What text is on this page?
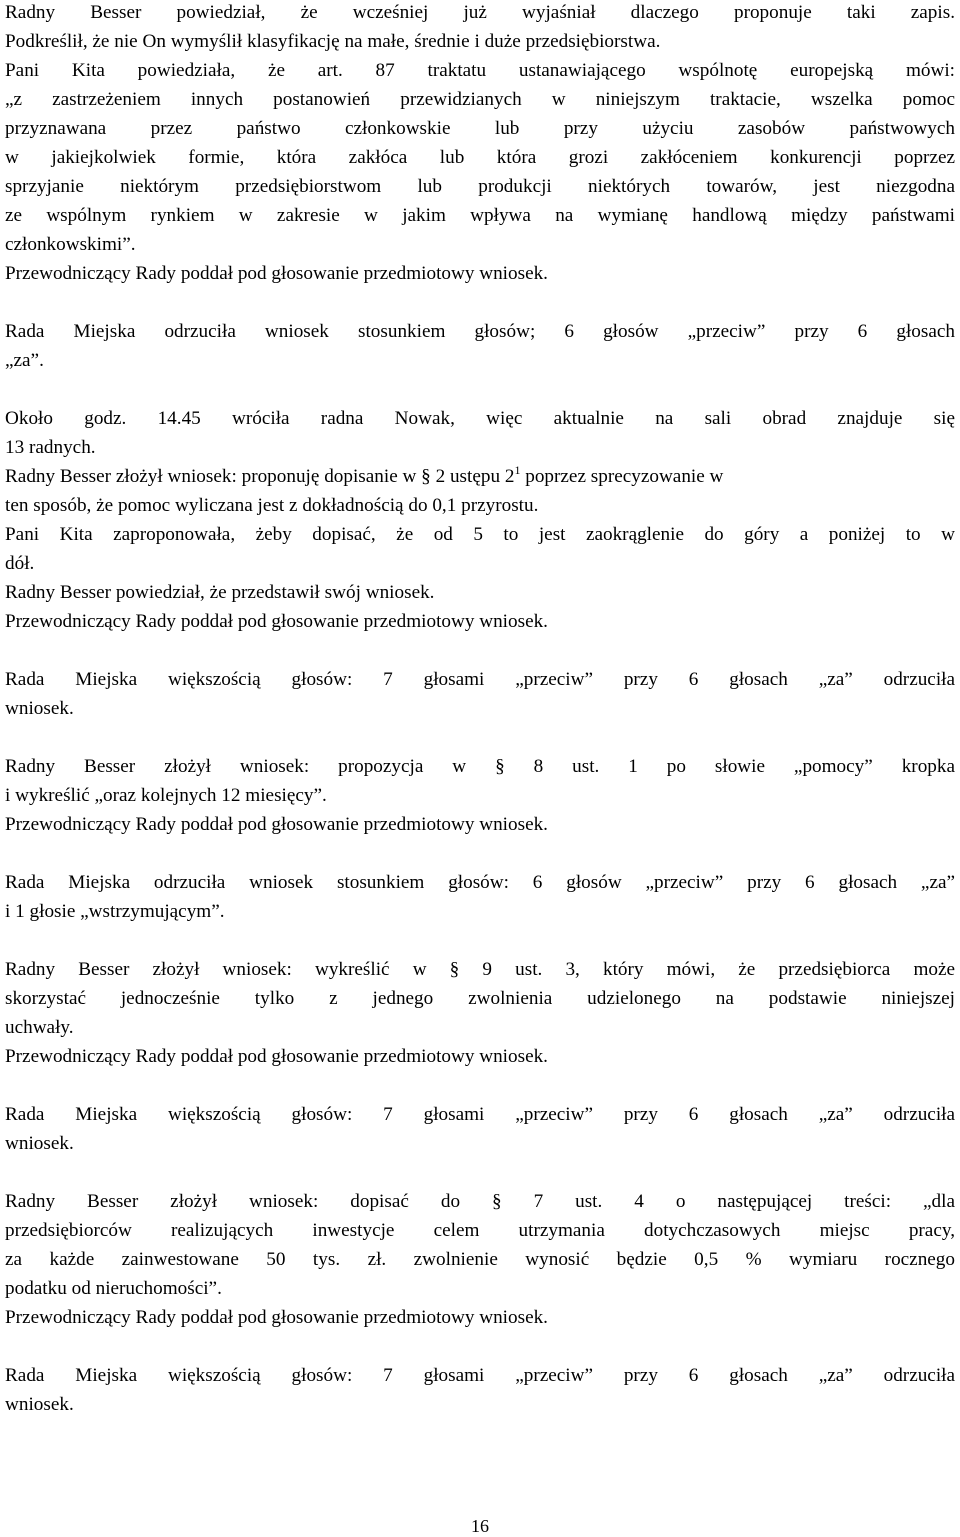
16
Radny Besser powiedział, że wcześniej już wyjaśniał dlaczego proponuje taki zapis.
Podkreślił, że nie On wymyślił klasyfikację na małe, średnie i duże przedsiębiorstwa.
Pani Kita powiedziała, że art. 87 traktatu ustanawiającego wspólnotę europejską mówi:
„z zastrzeżeniem innych postanowień przewidzianych w niniejszym traktacie, wszelka pomoc
przyznawana przez państwo członkowskie lub przy użyciu zasobów państwowych
w jakiejkolwiek formie, która zakłóca lub która grozi zakłóceniem konkurencji poprzez
sprzyjanie niektórym przedsiębiorstwom lub produkcji niektórych towarów, jest niezgodna
ze wspólnym rynkiem w zakresie w jakim wpływa na wymianę handlową między państwami
członkowskimi”.
Przewodniczący Rady poddał pod głosowanie przedmiotowy wniosek.
Rada Miejska odrzuciła wniosek stosunkiem głosów; 6 głosów „przeciw” przy 6 głosach
„za”.
Około godz. 14.45 wróciła radna Nowak, więc aktualnie na sali obrad znajduje się
13 radnych.
Radny Besser złożył wniosek: proponuję dopisanie w § 2 ustępu $2^1$ poprzez sprecyzowanie w
ten sposób, że pomoc wyliczana jest z dokładnością do 0,1 przyrostu.
Pani Kita zaproponowała, żeby dopisać, że od 5 to jest zaokrąglenie do góry a poniżej to w
dół.
Radny Besser powiedział, że przedstawił swój wniosek.
Przewodniczący Rady poddał pod głosowanie przedmiotowy wniosek.
Rada Miejska większością głosów: 7 głosami „przeciw” przy 6 głosach „za” odrzuciła
wniosek.
Radny Besser złożył wniosek: propozycja w § 8 ust. 1 po słowie „pomocy” kropka
i wykreślić „oraz kolejnych 12 miesięcy”.
Przewodniczący Rady poddał pod głosowanie przedmiotowy wniosek.
Rada Miejska odrzuciła wniosek stosunkiem głosów: 6 głosów „przeciw” przy 6 głosach „za”
i 1 głosie „wstrzymującym”.
Radny Besser złożył wniosek: wykreślić w § 9 ust. 3, który mówi, że przedsiębiorca może
skorzystać jednocześnie tylko z jednego zwolnienia udzielonego na podstawie niniejszej
uchwały.
Przewodniczący Rady poddał pod głosowanie przedmiotowy wniosek.
Rada Miejska większością głosów: 7 głosami „przeciw” przy 6 głosach „za” odrzuciła
wniosek.
Radny Besser złożył wniosek: dopisać do § 7 ust. 4 o następującej treści: „dla
przedsiębiorców realizujących inwestycje celem utrzymania dotychczasowych miejsc pracy,
za każde zainwestowane 50 tys. zł. zwolnienie wynosić będzie 0,5 % wymiaru rocznego
podatku od nieruchomości”.
Przewodniczący Rady poddał pod głosowanie przedmiotowy wniosek.
Rada Miejska większością głosów: 7 głosami „przeciw” przy 6 głosach „za” odrzuciła
wniosek.
